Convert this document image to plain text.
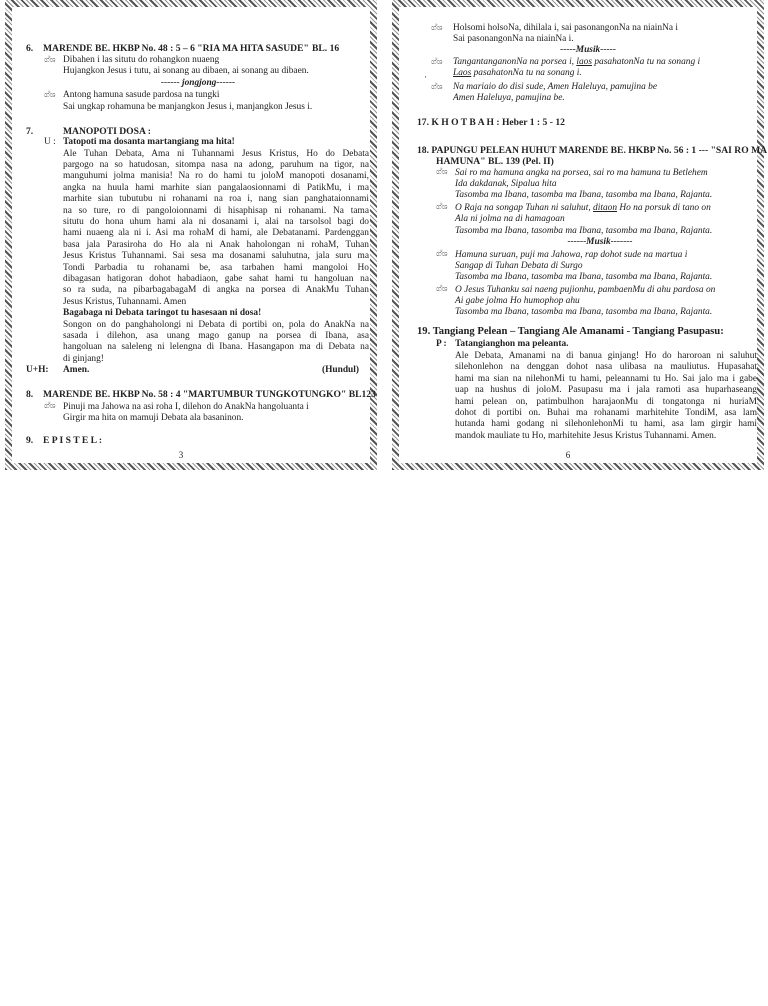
6. MARENDE BE. HKBP No. 48 : 5 – 6 "RIA MA HITA SASUDE" BL. 16
ග්ශ Dibahen i las situtu do rohangkon nuaeng
Hujangkon Jesus i tutu, ai sonang au dibaen, ai sonang au dibaen.
------ jongjong------
ග්ශ Antong hamuna sasude pardosa na tungki
Sai ungkap rohamuna be manjangkon Jesus i, manjangkon Jesus i.
7.	MANOPOTI DOSA :
U : Tatopoti ma dosanta martangiang ma hita!
Ale Tuhan Debata, Ama ni Tuhannami Jesus Kristus, Ho do Debata
pargogo na so hatudosan, sitompa nasa na adong, paruhum na tigor, na
manguhumi jolma manisia! Na ro do hami tu joloM manopoti dosanami,
angka na huula hami marhite sian pangalaosionnami di PatikMu, i ma
marhite sian tubutubu ni rohanami na roa i, nang sian panghataionnami
na so ture, ro di pangoloionnami di hisaphisap ni rohanami. Na tama
situtu do hona uhum hami ala ni dosanami i, alai na tarsolsol bagi do
hami nuaeng ala ni i. Asi ma rohaM di hami, ale Debatanami. Pardenggan
basa jala Parasiroha do Ho ala ni Anak haholongan ni rohaM, Tuhan
Jesus Kristus Tuhannami. Sai sesa ma dosanami saluhutna, jala suru ma
Tondi Parbadia tu rohanami be, asa tarbahen hami mangoloi Ho
dibagasan hatigoran dohot habadiaon, gabe sahat hami tu hangoluan na
so ra suda, na pibarbagabagaM di angka na porsea di AnakMu Tuhan
Jesus Kristus, Tuhannami. Amen
Bagabaga ni Debata taringot tu hasesaan ni dosa!
Songon on do panghaholongi ni Debata di portibi on, pola do AnakNa na
sasada i dilehon, asa unang mago ganup na porsea di Ibana, asa
hangoluan na saleleng ni lelengna di Ibana. Hasangapon ma di Debata na
di ginjang!
U+H: Amen.	(Hundul)
8. MARENDE BE. HKBP No. 58 : 4 "MARTUMBUR TUNGKOTUNGKO" BL123
ග්ශ Pinuji ma Jahowa na asi roha I, dilehon do AnakNa hangoluanta i
Girgir ma hita on mamuji Debata ala basaninon.
9. E P I S T E L :
3
ග්ශ Holsomi holsoNa, dihilala i, sai pasonangonNa na niainNa i
Sai pasonangonNa na niainNa i.
-----Musik-----
ග්ශ TangantanganonNa na porsea i, laos pasahatonNa tu na sonang i
Laos pasahatonNa tu na sonang i.
·
ග්ශ Na mariaio do disi sude, Amen Haleluya, pamujina be
Amen Haleluya, pamujina be.
17. K H O T B A H : Heber 1 : 5 - 12
18. PAPUNGU PELEAN HUHUT MARENDE BE. HKBP No. 56 : 1 --- "SAI RO MA
HAMUNA" BL. 139 (Pel. II)
ග්ශ Sai ro ma hamuna angka na porsea, sai ro ma hamuna tu Betlehem
Ida dakdanak, Sipalua hita
Tasomba ma Ibana, tasomba ma Ibana, tasomba ma Ibana, Rajanta.
ග්ශ O Raja na songap Tuhan ni saluhut, ditaon Ho na porsuk di tano on
Ala ni jolma na di hamagoan
Tasomba ma Ibana, tasomba ma Ibana, tasomba ma Ibana, Rajanta.
------Musik-------
ග්ශ Hamuna suruan, puji ma Jahowa, rap dohot sude na martua i
Sangap di Tuhan Debata di Surgo
Tasomba ma Ibana, tasomba ma Ibana, tasomba ma Ibana, Rajanta.
ග්ශ O Jesus Tuhanku sai naeng pujionhu, pambaenMu di ahu pardosa on
Ai gabe jolma Ho humophop ahu
Tasomba ma Ibana, tasomba ma Ibana, tasomba ma Ibana, Rajanta.
19. Tangiang Pelean – Tangiang Ale Amanami - Tangiang Pasupasu:
P : Tatangianghon ma peleanta.
Ale Debata, Amanami na di banua ginjang! Ho do haroroan ni saluhut
silehonlehon na denggan dohot nasa ulibasa na mauliutus. Hupasahat
hami ma sian na nilehonMi tu hami, peleannami tu Ho. Sai jalo ma i gabe
uap na hushus di joloM. Pasupasu ma i jala ramoti asa huparhaseang
hami pelean on, patimbulhon harajaonMu di tongatonga ni huriaM
dohot di portibi on. Buhai ma rohanami marhitehite TondiM, asa lam
hutanda hami godang ni silehonlehonMi tu hami, asa lam girgir hami
mandok mauliate tu Ho, marhitehite Jesus Kristus Tuhannami. Amen.
6
